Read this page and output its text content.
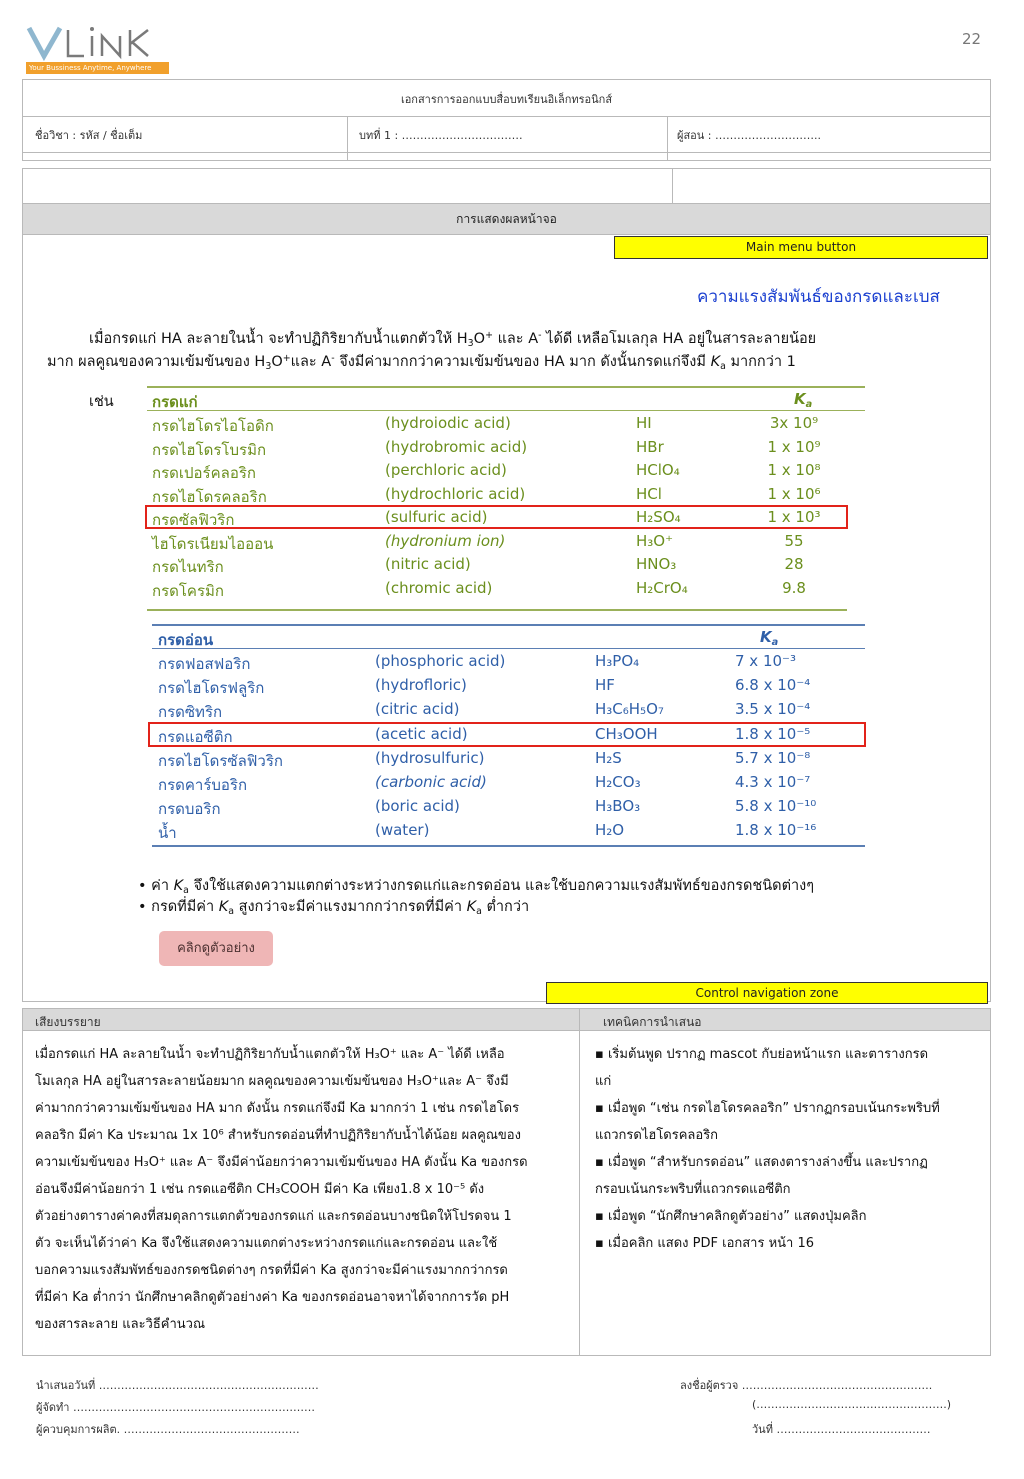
Your Bussiness Anytime, Anywhere
22
เอกสารการออกแบบสื่อบทเรียนอิเล็กทรอนิกส์
ชื่อวิชา : รหัส / ชื่อเต็ม	บทที่ 1 : ……………………………	ผู้สอน : ………………………..
การแสดงผลหน้าจอ
Main menu button
ความแรงสัมพันธ์ของกรดและเบส
เมื่อกรดแก่ HA ละลายในน้ำ จะทำปฏิกิริยากับน้ำแตกตัวให้ $H_3O^+$ และ A- ได้ดี เหลือโมเลกุล HA อยู่ในสารละลายน้อย
มาก ผลคูณของความเข้มข้นของ $H_3O^+$และ A- จึงมีค่ามากกว่าความเข้มข้นของ HA มาก ดังนั้นกรดแก่จึงมี $K_a$ มากกว่า 1
เช่น	กรดแก่	$K_a$
กรดไฮโดรไอโอดิก	(hydroiodic acid)	HI	3x 10⁹
กรดไฮโดรโบรมิก	(hydrobromic acid)	HBr	1 x 10⁹
กรดเปอร์คลอริก	(perchloric acid)	HClO₄	1 x 10⁸
กรดไฮโดรคลอริก	(hydrochloric acid)	HCl	1 x 10⁶
กรดซัลฟิวริก	(sulfuric acid)	H₂SO₄	1 x 10³
ไฮโดรเนียมไอออน	(hydronium ion)	H₃O⁺	55
กรดไนทริก	(nitric acid)	HNO₃	28
กรดโครมิก	(chromic acid)	H₂CrO₄	9.8
กรดอ่อน	$K_a$
กรดฟอสฟอริก	(phosphoric acid)	H₃PO₄	7 x 10⁻³
กรดไฮโดรฟลูริก	(hydrofloric)	HF	6.8 x 10⁻⁴
กรดซิทริก	(citric acid)	H₃C₆H₅O₇	3.5 x 10⁻⁴
กรดแอซีติก	(acetic acid)	CH₃OOH	1.8 x 10⁻⁵
กรดไฮโดรซัลฟิวริก	(hydrosulfuric)	H₂S	5.7 x 10⁻⁸
กรดคาร์บอริก	(carbonic acid)	H₂CO₃	4.3 x 10⁻⁷
กรดบอริก	(boric acid)	H₃BO₃	5.8 x 10⁻¹⁰
น้ำ	(water)	H₂O	1.8 x 10⁻¹⁶
• ค่า $K_a$ จึงใช้แสดงความแตกต่างระหว่างกรดแก่และกรดอ่อน และใช้บอกความแรงสัมพัทธ์ของกรดชนิดต่างๆ
• กรดที่มีค่า $K_a$ สูงกว่าจะมีค่าแรงมากกว่ากรดที่มีค่า $K_a$ ต่ำกว่า
คลิกดูตัวอย่าง
Control navigation zone
เสียงบรรยาย	เทคนิคการนำเสนอ
เมื่อกรดแก่ HA ละลายในน้ำ จะทำปฏิกิริยากับน้ำแตกตัวให้ H₃O⁺ และ A⁻ ได้ดี เหลือ
โมเลกุล HA อยู่ในสารละลายน้อยมาก ผลคูณของความเข้มข้นของ H₃O⁺และ A⁻ จึงมี
ค่ามากกว่าความเข้มข้นของ HA มาก ดังนั้น กรดแก่จึงมี Ka มากกว่า 1 เช่น กรดไฮโดร
คลอริก มีค่า Ka ประมาณ 1x 10⁶ สำหรับกรดอ่อนที่ทำปฏิกิริยากับน้ำได้น้อย ผลคูณของ
ความเข้มข้นของ H₃O⁺ และ A⁻ จึงมีค่าน้อยกว่าความเข้มข้นของ HA ดังนั้น Ka ของกรด
อ่อนจึงมีค่าน้อยกว่า 1 เช่น กรดแอซีติก CH₃COOH มีค่า Ka เพียง1.8 x 10⁻⁵ ดัง
ตัวอย่างตารางค่าคงที่สมดุลการแตกตัวของกรดแก่ และกรดอ่อนบางชนิดให้โปรดจน 1
ตัว จะเห็นได้ว่าค่า Ka จึงใช้แสดงความแตกต่างระหว่างกรดแก่และกรดอ่อน และใช้
บอกความแรงสัมพัทธ์ของกรดชนิดต่างๆ กรดที่มีค่า Ka สูงกว่าจะมีค่าแรงมากกว่ากรด
ที่มีค่า Ka ต่ำกว่า นักศึกษาคลิกดูตัวอย่างค่า Ka ของกรดอ่อนอาจหาได้จากการวัด pH
ของสารละลาย และวิธีคำนวณ
▪ เริ่มต้นพูด ปรากฏ mascot กับย่อหน้าแรก และตารางกรด
แก่
▪ เมื่อพูด “เช่น กรดไฮโดรคลอริก” ปรากฏกรอบเน้นกระพริบที่
แถวกรดไฮโดรคลอริก
▪ เมื่อพูด “สำหรับกรดอ่อน” แสดงตารางล่างขึ้น และปรากฏ
กรอบเน้นกระพริบที่แถวกรดแอซีติก
▪ เมื่อพูด “นักศึกษาคลิกดูตัวอย่าง” แสดงปุ่มคลิก
▪ เมื่อคลิก แสดง PDF เอกสาร หน้า 16
นำเสนอวันที่ ……………………………………………………
ผู้จัดทำ …………………………………………………………
ผู้ควบคุมการผลิต. …………………………………………
ลงชื่อผู้ตรวจ …………………………………………….
(…………………………………………….)
วันที่ ……………………………………
